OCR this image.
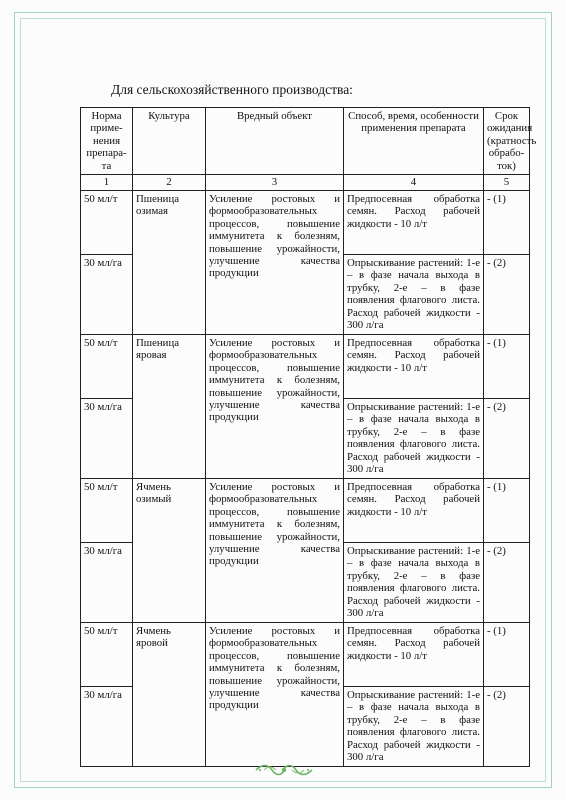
Для сельскохозяйственного производства:
Норма приме-нения препара-та	Культура	Вредный объект	Способ, время, особенности применения препарата	Срок ожидания (кратность обрабо-ток)
1	2	3	4	5
50 мл/т	Пшеница озимая	Усиление ростовых и формообразовательных процессов, повышение иммунитета к болезням, повышение урожайности, улучшение качества продукции	Предпосевная обработка семян. Расход рабочей жидкости - 10 л/т	- (1)
30 мл/га			Опрыскивание растений: 1-е – в фазе начала выхода в трубку, 2-е – в фазе появления флагового листа. Расход рабочей жидкости - 300 л/га	- (2)
50 мл/т	Пшеница яровая	Усиление ростовых и формообразовательных процессов, повышение иммунитета к болезням, повышение урожайности, улучшение качества продукции	Предпосевная обработка семян. Расход рабочей жидкости - 10 л/т	- (1)
30 мл/га			Опрыскивание растений: 1-е – в фазе начала выхода в трубку, 2-е – в фазе появления флагового листа. Расход рабочей жидкости - 300 л/га	- (2)
50 мл/т	Ячмень озимый	Усиление ростовых и формообразовательных процессов, повышение иммунитета к болезням, повышение урожайности, улучшение качества продукции	Предпосевная обработка семян. Расход рабочей жидкости - 10 л/т	- (1)
30 мл/га			Опрыскивание растений: 1-е – в фазе начала выхода в трубку, 2-е – в фазе появления флагового листа. Расход рабочей жидкости - 300 л/га	- (2)
50 мл/т	Ячмень яровой	Усиление ростовых и формообразовательных процессов, повышение иммунитета к болезням, повышение урожайности, улучшение качества продукции	Предпосевная обработка семян. Расход рабочей жидкости - 10 л/т	- (1)
30 мл/га			Опрыскивание растений: 1-е – в фазе начала выхода в трубку, 2-е – в фазе появления флагового листа. Расход рабочей жидкости - 300 л/га	- (2)
